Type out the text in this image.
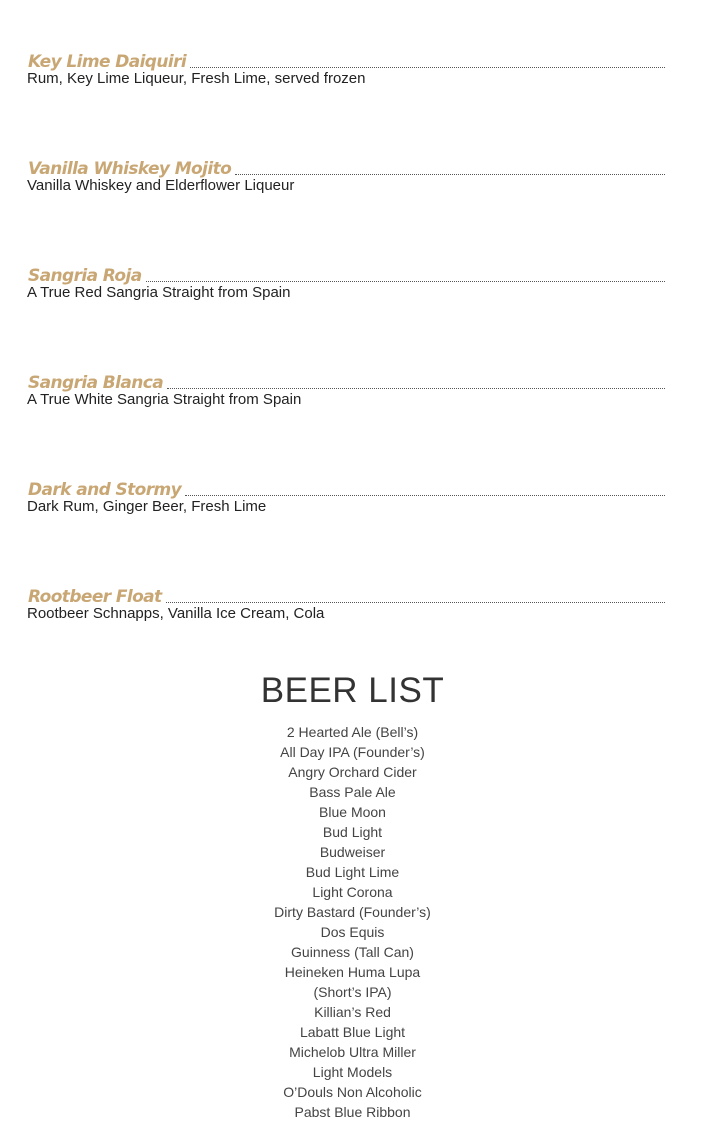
Key Lime Daiquiri
Rum, Key Lime Liqueur, Fresh Lime, served frozen
Vanilla Whiskey Mojito
Vanilla Whiskey and Elderflower Liqueur
Sangria Roja
A True Red Sangria Straight from Spain
Sangria Blanca
A True White Sangria Straight from Spain
Dark and Stormy
Dark Rum, Ginger Beer, Fresh Lime
Rootbeer Float
Rootbeer Schnapps, Vanilla Ice Cream, Cola
BEER LIST
2 Hearted Ale (Bell’s)
All Day IPA (Founder’s)
Angry Orchard Cider
Bass Pale Ale
Blue Moon
Bud Light
Budweiser
Bud Light Lime
Light Corona
Dirty Bastard (Founder’s)
Dos Equis
Guinness (Tall Can)
Heineken Huma Lupa
(Short’s IPA)
Killian’s Red
Labatt Blue Light
Michelob Ultra Miller
Light Models
O’Douls Non Alcoholic
Pabst Blue Ribbon
